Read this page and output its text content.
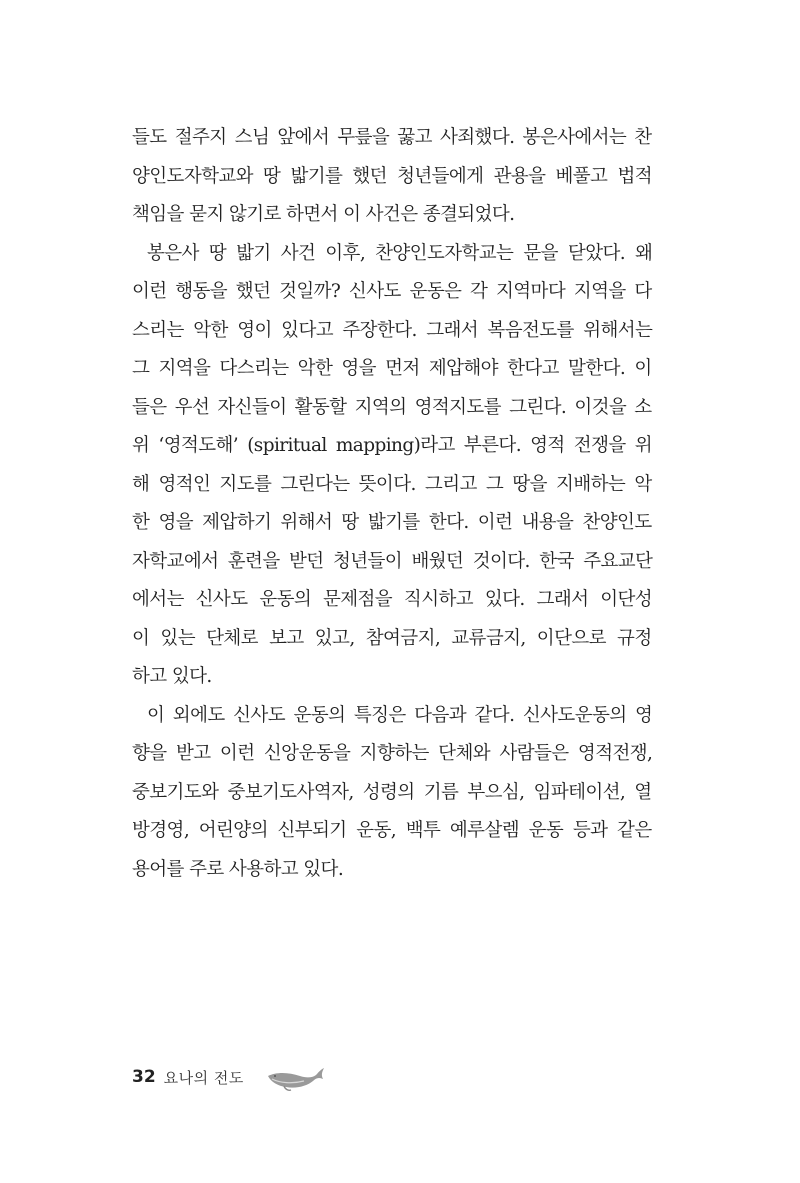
들도 절주지 스님 앞에서 무릎을 꿇고 사죄했다. 봉은사에서는 찬
양인도자학교와 땅 밟기를 했던 청년들에게 관용을 베풀고 법적
책임을 묻지 않기로 하면서 이 사건은 종결되었다.
봉은사 땅 밟기 사건 이후, 찬양인도자학교는 문을 닫았다. 왜
이런 행동을 했던 것일까? 신사도 운동은 각 지역마다 지역을 다
스리는 악한 영이 있다고 주장한다. 그래서 복음전도를 위해서는
그 지역을 다스리는 악한 영을 먼저 제압해야 한다고 말한다. 이
들은 우선 자신들이 활동할 지역의 영적지도를 그린다. 이것을 소
위 ‘영적도해’ (spiritual mapping)라고 부른다. 영적 전쟁을 위
해 영적인 지도를 그린다는 뜻이다. 그리고 그 땅을 지배하는 악
한 영을 제압하기 위해서 땅 밟기를 한다. 이런 내용을 찬양인도
자학교에서 훈련을 받던 청년들이 배웠던 것이다. 한국 주요교단
에서는 신사도 운동의 문제점을 직시하고 있다. 그래서 이단성
이 있는 단체로 보고 있고, 참여금지, 교류금지, 이단으로 규정
하고 있다.
이 외에도 신사도 운동의 특징은 다음과 같다. 신사도운동의 영
향을 받고 이런 신앙운동을 지향하는 단체와 사람들은 영적전쟁,
중보기도와 중보기도사역자, 성령의 기름 부으심, 임파테이션, 열
방경영, 어린양의 신부되기 운동, 백투 예루살렘 운동 등과 같은
용어를 주로 사용하고 있다.
32 요나의 전도
